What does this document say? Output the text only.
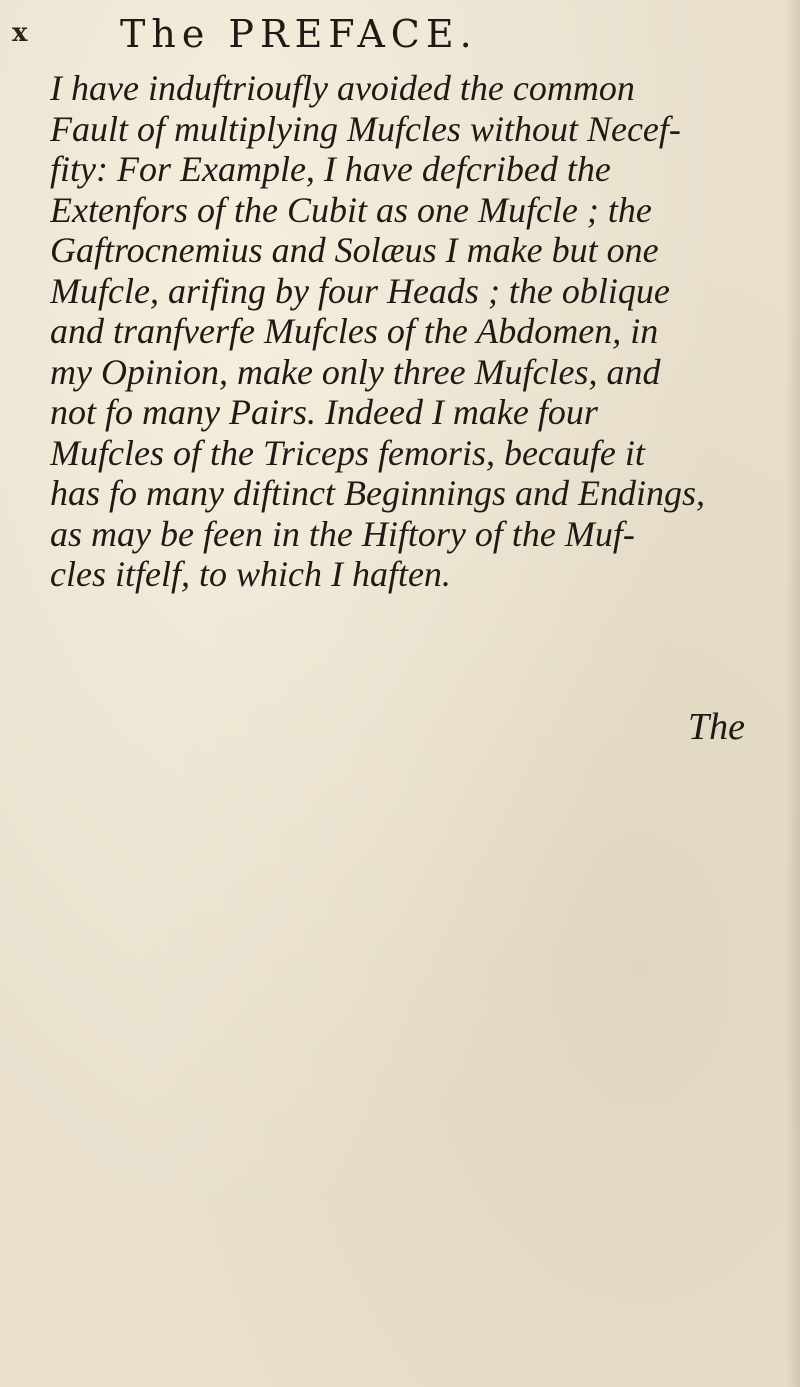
x The PREFACE.
I have induftrioufly avoided the common
Fault of multiplying Mufcles without Necef-
fity: For Example, I have defcribed the
Extenfors of the Cubit as one Mufcle ; the
Gaftrocnemius and Solæus I make but one
Mufcle, arifing by four Heads ; the oblique
and tranfverfe Mufcles of the Abdomen, in
my Opinion, make only three Mufcles, and
not fo many Pairs. Indeed I make four
Mufcles of the Triceps femoris, becaufe it
has fo many diftinct Beginnings and Endings,
as may be feen in the Hiftory of the Muf-
cles itfelf, to which I haften.
The
